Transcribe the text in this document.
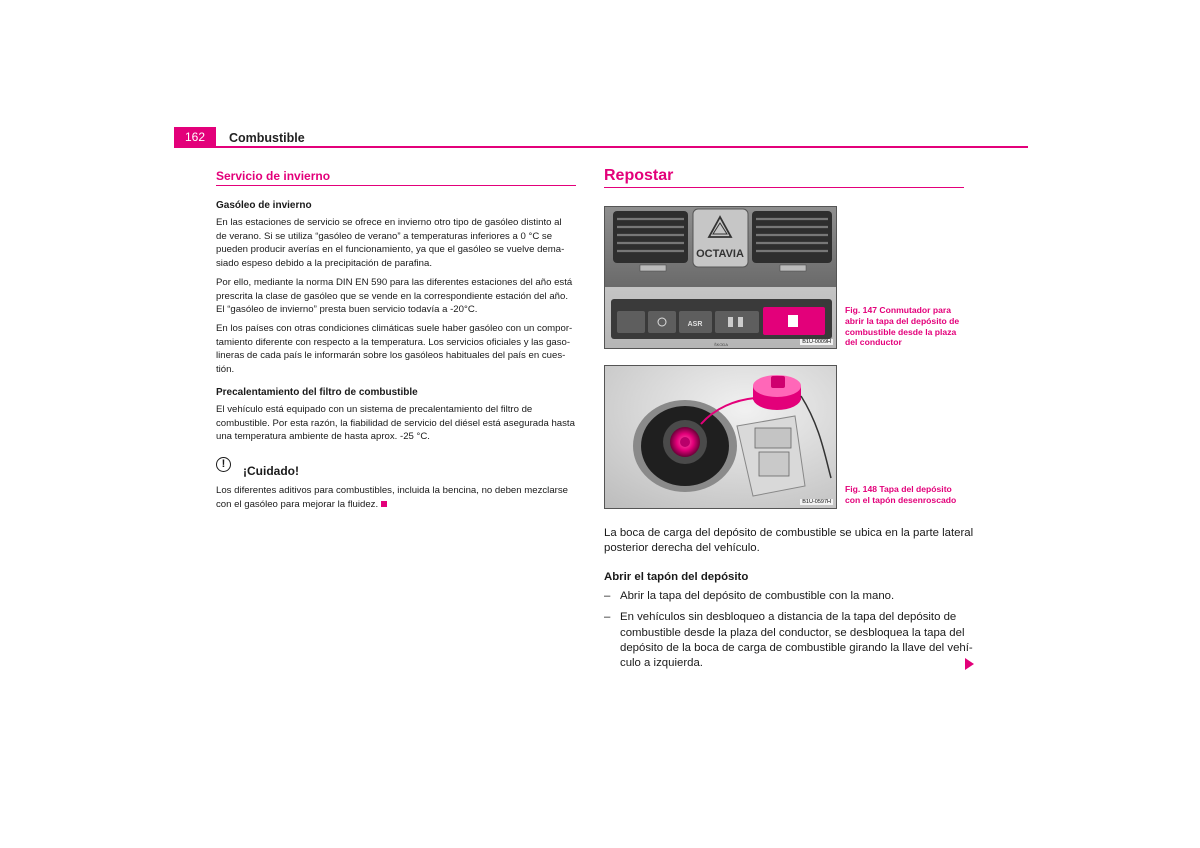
162	Combustible
Servicio de invierno
Gasóleo de invierno
En las estaciones de servicio se ofrece en invierno otro tipo de gasóleo distinto al
de verano. Si se utiliza “gasóleo de verano” a temperaturas inferiores a 0 °C se
pueden producir averías en el funcionamiento, ya que el gasóleo se vuelve dema-
siado espeso debido a la precipitación de parafina.
Por ello, mediante la norma DIN EN 590 para las diferentes estaciones del año está
prescrita la clase de gasóleo que se vende en la correspondiente estación del año.
El “gasóleo de invierno” presta buen servicio todavía a -20°C.
En los países con otras condiciones climáticas suele haber gasóleo con un compor-
tamiento diferente con respecto a la temperatura. Los servicios oficiales y las gaso-
lineras de cada país le informarán sobre los gasóleos habituales del país en cues-
tión.
Precalentamiento del filtro de combustible
El vehículo está equipado con un sistema de precalentamiento del filtro de
combustible. Por esta razón, la fiabilidad de servicio del diésel está asegurada hasta
una temperatura ambiente de hasta aprox. -25 °C.
!	¡Cuidado!
Los diferentes aditivos para combustibles, incluida la bencina, no deben mezclarse
con el gasóleo para mejorar la fluidez.
Repostar
OCTAVIA
ASR
ŠKODA	B1U-0009H
Fig. 147 Conmutador para
abrir la tapa del depósito de
combustible desde la plaza
del conductor
B1U-0597H
Fig. 148 Tapa del depósito
con el tapón desenroscado
La boca de carga del depósito de combustible se ubica en la parte lateral
posterior derecha del vehículo.
Abrir el tapón del depósito
– Abrir la tapa del depósito de combustible con la mano.
– En vehículos sin desbloqueo a distancia de la tapa del depósito de
combustible desde la plaza del conductor, se desbloquea la tapa del
depósito de la boca de carga de combustible girando la llave del vehí-
culo a izquierda.
